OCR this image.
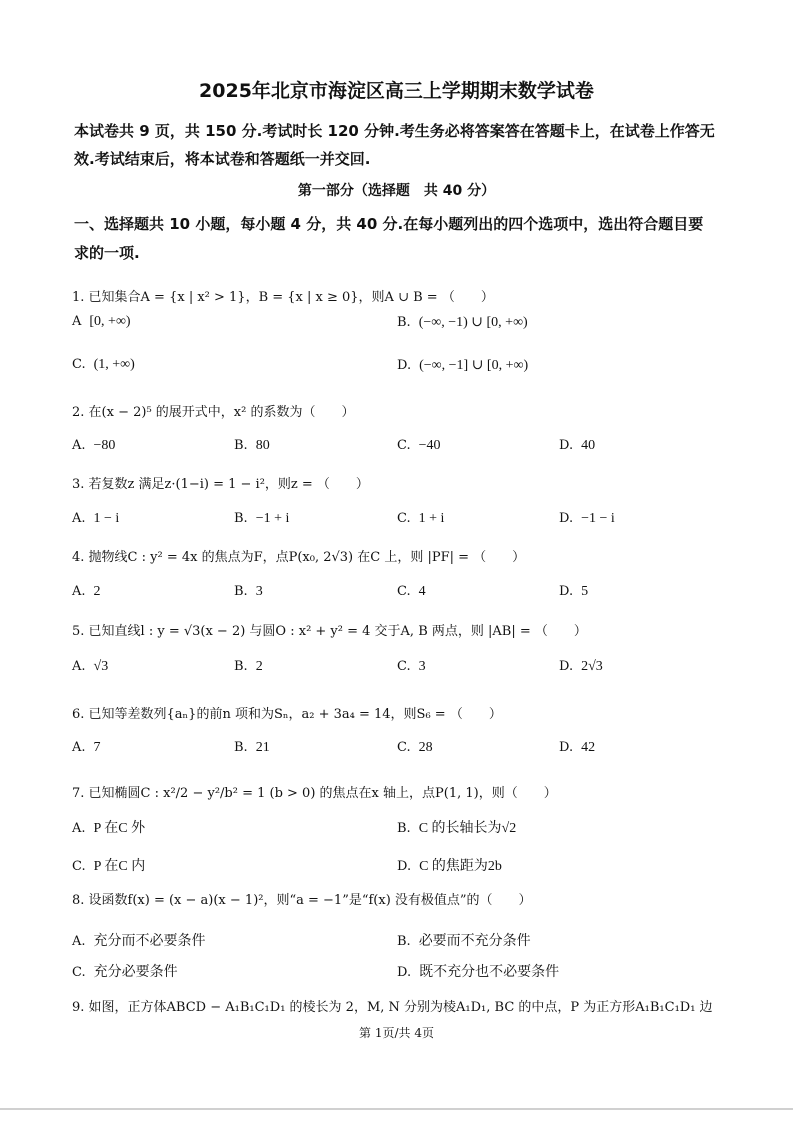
2025年北京市海淀区高三上学期期末数学试卷
本试卷共 9 页，共 150 分.考试时长 120 分钟.考生务必将答案答在答题卡上，在试卷上作答无
效.考试结束后，将本试卷和答题纸一并交回.
第一部分（选择题　共 40 分）
一、选择题共 10 小题，每小题 4 分，共 40 分.在每小题列出的四个选项中，选出符合题目要
求的一项.
1. 已知集合A = {x | x² > 1}，B = {x | x ≥ 0}，则A ∪ B = （　　）
A [0, +∞)	B. (−∞, −1) ∪ [0, +∞)
C. (1, +∞)	D. (−∞, −1] ∪ [0, +∞)
2. 在(x − 2)⁵ 的展开式中，x² 的系数为（　　）
A. −80	B. 80	C. −40	D. 40
3. 若复数z 满足z·(1−i) = 1 − i²，则z = （　　）
A. 1 − i	B. −1 + i	C. 1 + i	D. −1 − i
4. 抛物线C : y² = 4x 的焦点为F，点P(x₀, 2√3) 在C 上，则 |PF| = （　　）
A. 2	B. 3	C. 4	D. 5
5. 已知直线l : y = √3(x − 2) 与圆O : x² + y² = 4 交于A, B 两点，则 |AB| = （　　）
A. √3	B. 2	C. 3	D. 2√3
6. 已知等差数列{aₙ}的前n 项和为Sₙ，a₂ + 3a₄ = 14，则S₆ = （　　）
A. 7	B. 21	C. 28	D. 42
7. 已知椭圆C : x²/2 − y²/b² = 1 (b > 0) 的焦点在x 轴上，点P(1, 1)，则（　　）
A. P 在C 外	B. C 的长轴长为√2
C. P 在C 内	D. C 的焦距为2b
8. 设函数f(x) = (x − a)(x − 1)²，则“a = −1”是“f(x) 没有极值点”的（　　）
A. 充分而不必要条件	B. 必要而不充分条件
C. 充分必要条件	D. 既不充分也不必要条件
9. 如图，正方体ABCD − A₁B₁C₁D₁ 的棱长为 2，M, N 分别为棱A₁D₁, BC 的中点，P 为正方形A₁B₁C₁D₁ 边
第 1页/共 4页
